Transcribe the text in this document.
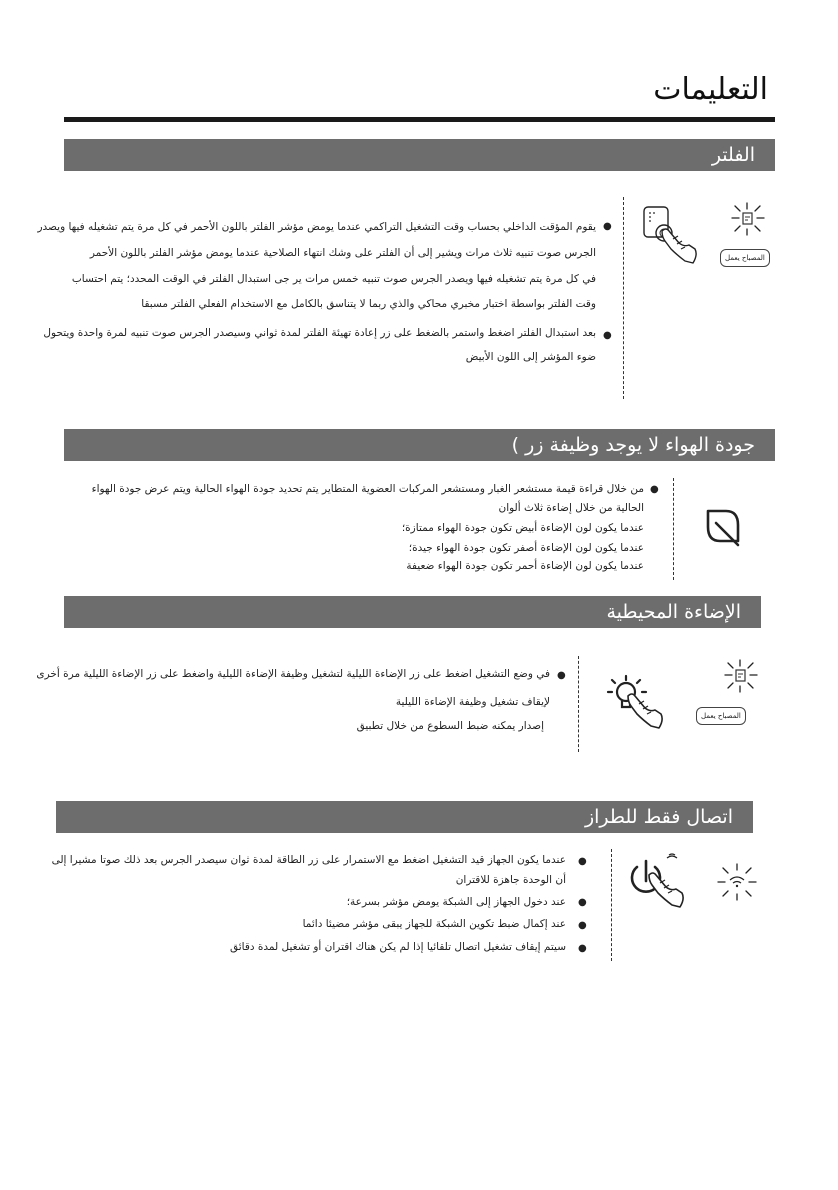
التعليمات
الفلتر
المصباح يعمل
●
يقوم المؤقت الداخلي بحساب وقت التشغيل التراكمي عندما يومض مؤشر الفلتر باللون الأحمر في كل مرة يتم تشغيله فيها ويصدر
الجرس صوت تنبيه ثلاث مرات ويشير إلى أن الفلتر على وشك انتهاء الصلاحية عندما يومض مؤشر الفلتر باللون الأحمر
في كل مرة يتم تشغيله فيها ويصدر الجرس صوت تنبيه خمس مرات ير جى استبدال الفلتر في الوقت المحدد؛ يتم احتساب
وقت الفلتر بواسطة اختبار مخبري محاكي والذي ربما لا يتناسق بالكامل مع الاستخدام الفعلي الفلتر مسبقا
●
بعد استبدال الفلتر اضغط واستمر بالضغط على زر إعادة تهيئة الفلتر لمدة ثواني وسيصدر الجرس صوت تنبيه لمرة واحدة ويتحول
ضوء المؤشر إلى اللون الأبيض
جودة الهواء لا يوجد وظيفة زر )
●
من خلال قراءة قيمة مستشعر الغبار ومستشعر المركبات العضوية المتطاير يتم تحديد جودة الهواء الحالية ويتم عرض جودة الهواء
الحالية من خلال إضاءة ثلاث ألوان
عندما يكون لون الإضاءة أبيض تكون جودة الهواء ممتازة؛
عندما يكون لون الإضاءة أصفر تكون جودة الهواء جيدة؛
عندما يكون لون الإضاءة أحمر تكون جودة الهواء ضعيفة
الإضاءة المحيطية
المصباح يعمل
●
في وضع التشغيل اضغط على زر الإضاءة الليلية لتشغيل وظيفة الإضاءة الليلية واضغط على زر الإضاءة الليلية مرة أخرى
لإيقاف تشغيل وظيفة الإضاءة الليلية
إصدار يمكنه ضبط السطوع من خلال تطبيق
اتصال فقط للطراز
●
عندما يكون الجهاز قيد التشغيل اضغط مع الاستمرار على زر الطاقة لمدة ثوان سيصدر الجرس بعد ذلك صوتا مشيرا إلى
أن الوحدة جاهزة للاقتران
●
عند دخول الجهاز إلى الشبكة يومض مؤشر بسرعة؛
●
عند إكمال ضبط تكوين الشبكة للجهاز يبقى مؤشر مضيئا دائما
●
سيتم إيقاف تشغيل اتصال تلقائيا إذا لم يكن هناك اقتران أو تشغيل لمدة دقائق
